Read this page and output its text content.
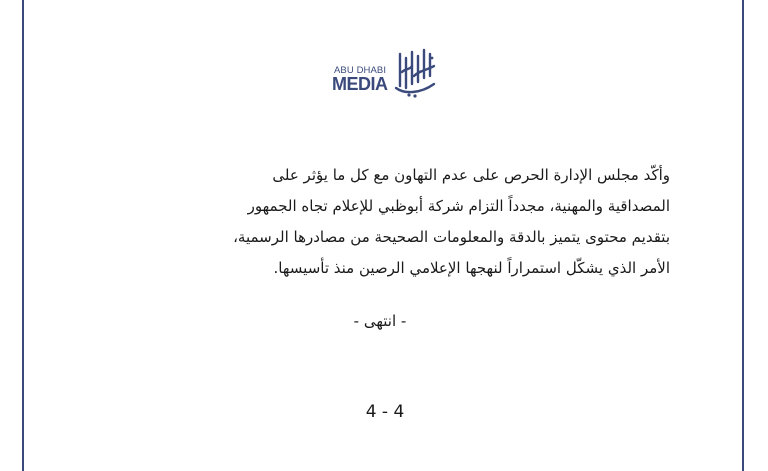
ABU DHABI
MEDIA
وأكّد مجلس الإدارة الحرص على عدم التهاون مع كل ما يؤثر على
المصداقية والمهنية، مجدداً التزام شركة أبوظبي للإعلام تجاه الجمهور
بتقديم محتوى يتميز بالدقة والمعلومات الصحيحة من مصادرها الرسمية،
الأمر الذي يشكّل استمراراً لنهجها الإعلامي الرصين منذ تأسيسها.
- انتهى -
4 - 4
